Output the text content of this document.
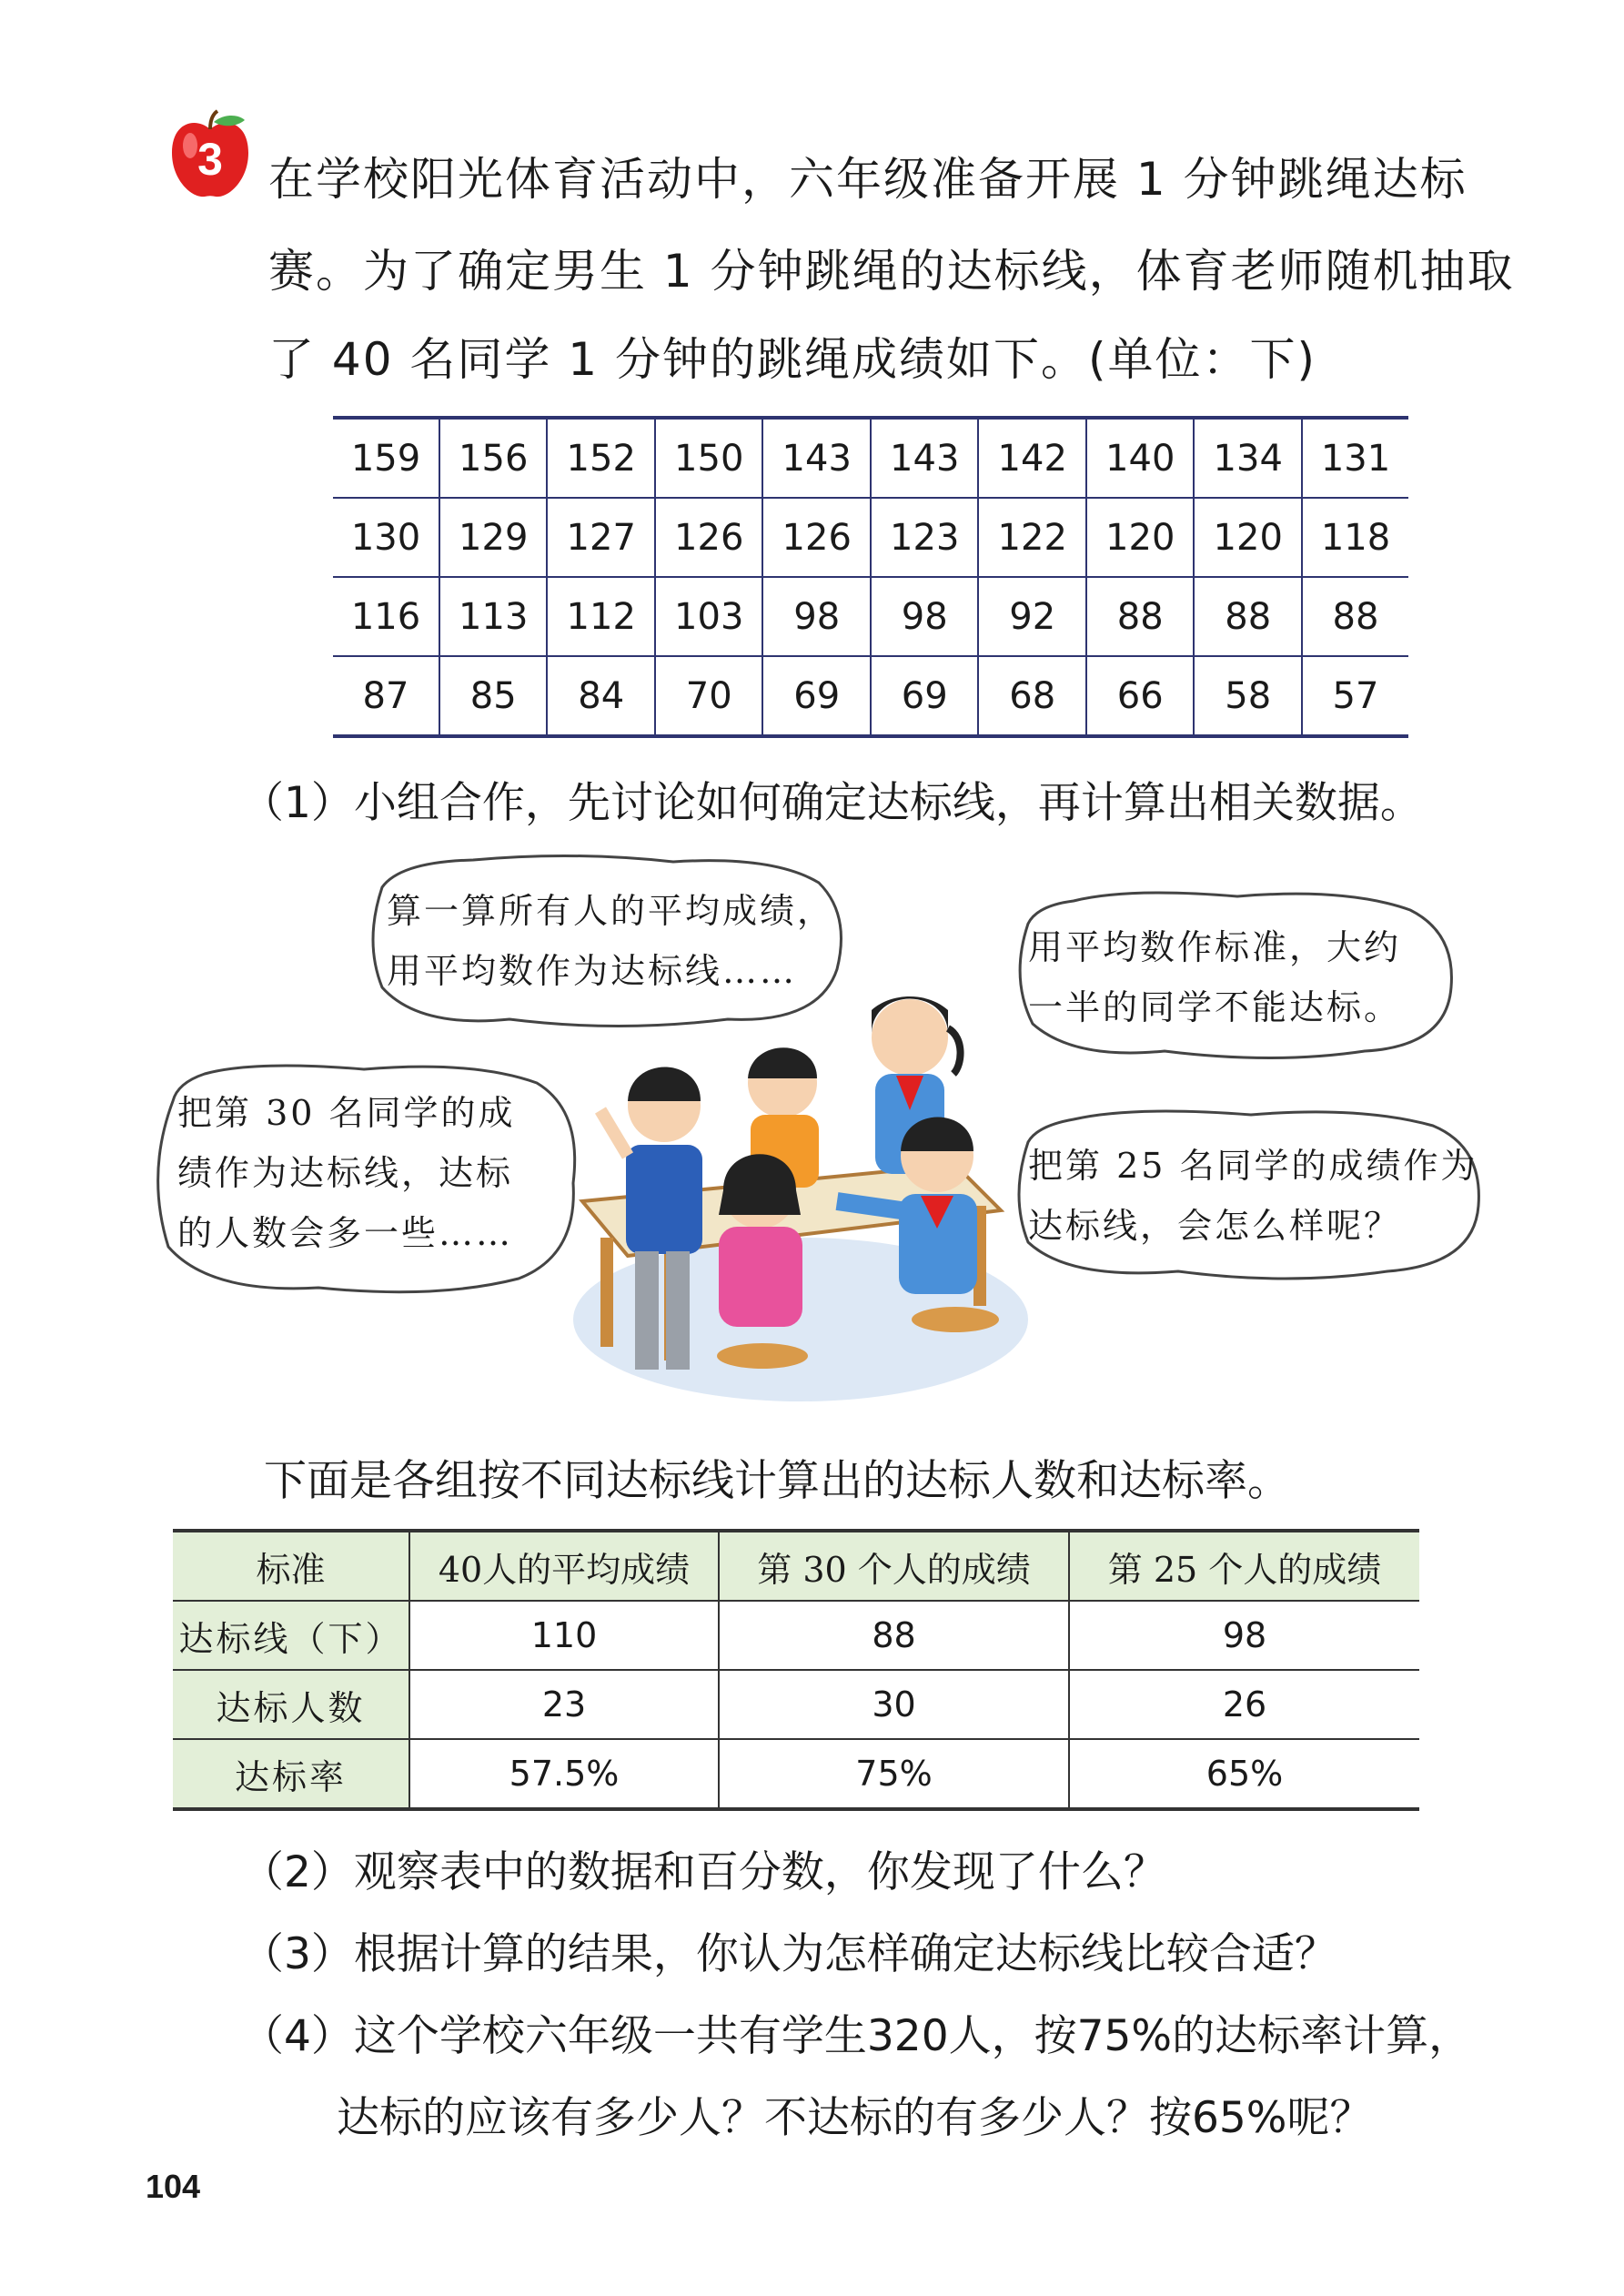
3 在学校阳光体育活动中，六年级准备开展 1 分钟跳绳达标
赛。为了确定男生 1 分钟跳绳的达标线，体育老师随机抽取
了 40 名同学 1 分钟的跳绳成绩如下。(单位：下)
159	156	152	150	143	143	142	140	134	131
130	129	127	126	126	123	122	120	120	118
116	113	112	103	98	98	92	88	88	88
87	85	84	70	69	69	68	66	58	57
（1）小组合作，先讨论如何确定达标线，再计算出相关数据。
算一算所有人的平均成绩，
用平均数作为达标线……
用平均数作标准，大约
一半的同学不能达标。
把第 30 名同学的成
绩作为达标线，达标
的人数会多一些……
把第 25 名同学的成绩作为
达标线，会怎么样呢？
下面是各组按不同达标线计算出的达标人数和达标率。
标准	40人的平均成绩	第 30 个人的成绩	第 25 个人的成绩
达标线（下）	110	88	98
达标人数	23	30	26
达标率	57.5%	75%	65%
（2）观察表中的数据和百分数，你发现了什么？
（3）根据计算的结果，你认为怎样确定达标线比较合适？
（4）这个学校六年级一共有学生320人，按75%的达标率计算，
达标的应该有多少人？不达标的有多少人？按65%呢？
104
